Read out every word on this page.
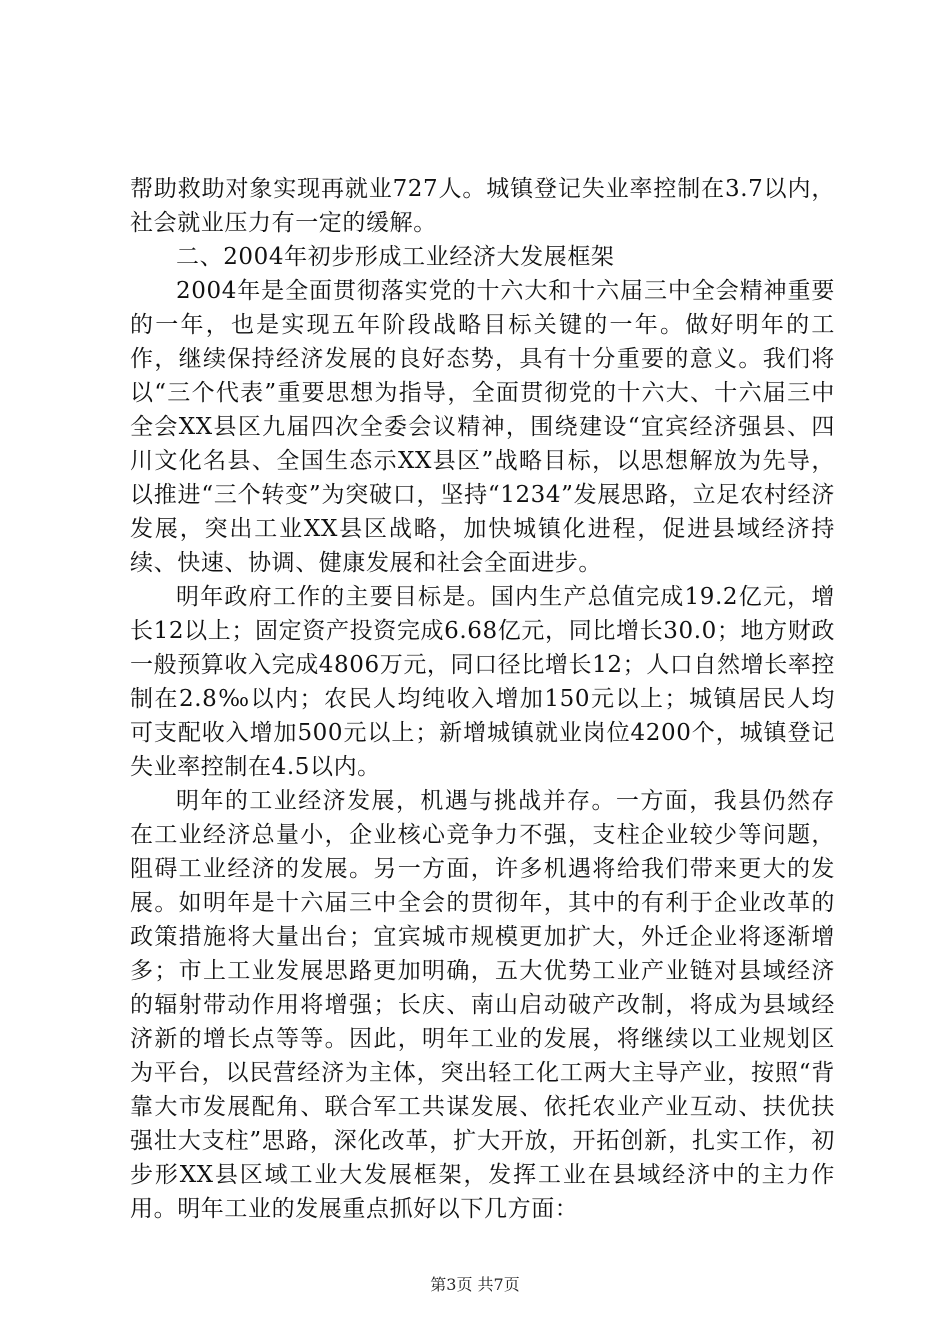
帮助救助对象实现再就业727人。城镇登记失业率控制在3.7以内，社会就业压力有一定的缓解。

二、2004年初步形成工业经济大发展框架

2004年是全面贯彻落实党的十六大和十六届三中全会精神重要的一年，也是实现五年阶段战略目标关键的一年。做好明年的工作，继续保持经济发展的良好态势，具有十分重要的意义。我们将以“三个代表”重要思想为指导，全面贯彻党的十六大、十六届三中全会XX县区九届四次全委会议精神，围绕建设“宜宾经济强县、四川文化名县、全国生态示XX县区”战略目标，以思想解放为先导，以推进“三个转变”为突破口，坚持“1234”发展思路，立足农村经济发展，突出工业XX县区战略，加快城镇化进程，促进县域经济持续、快速、协调、健康发展和社会全面进步。

明年政府工作的主要目标是。国内生产总值完成19.2亿元，增长12以上；固定资产投资完成6.68亿元，同比增长30.0；地方财政一般预算收入完成4806万元，同口径比增长12；人口自然增长率控制在2.8‰以内；农民人均纯收入增加150元以上；城镇居民人均可支配收入增加500元以上；新增城镇就业岗位4200个，城镇登记失业率控制在4.5以内。

明年的工业经济发展，机遇与挑战并存。一方面，我县仍然存在工业经济总量小，企业核心竞争力不强，支柱企业较少等问题，阻碍工业经济的发展。另一方面，许多机遇将给我们带来更大的发展。如明年是十六届三中全会的贯彻年，其中的有利于企业改革的政策措施将大量出台；宜宾城市规模更加扩大，外迁企业将逐渐增多；市上工业发展思路更加明确，五大优势工业产业链对县域经济的辐射带动作用将增强；长庆、南山启动破产改制，将成为县域经济新的增长点等等。因此，明年工业的发展，将继续以工业规划区为平台，以民营经济为主体，突出轻工化工两大主导产业，按照“背靠大市发展配角、联合军工共谋发展、依托农业产业互动、扶优扶强壮大支柱”思路，深化改革，扩大开放，开拓创新，扎实工作，初步形XX县区域工业大发展框架，发挥工业在县域经济中的主力作用。明年工业的发展重点抓好以下几方面：

第3页 共7页
